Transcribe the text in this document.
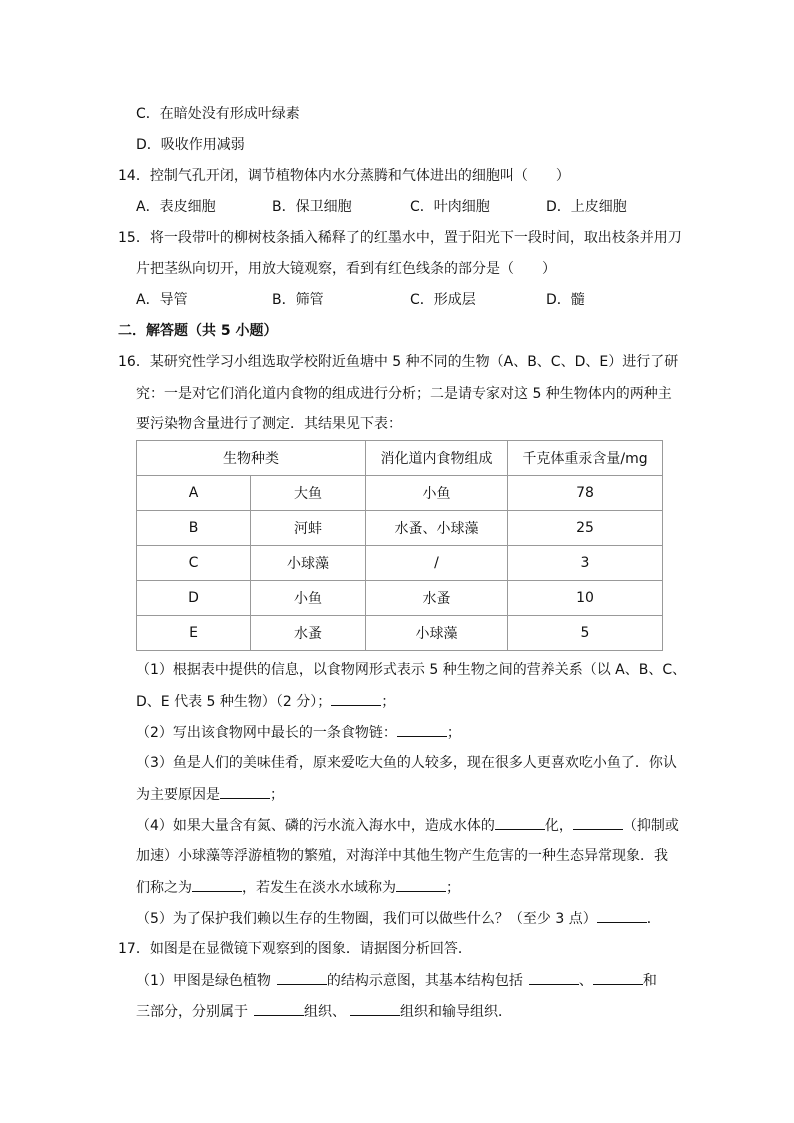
C．在暗处没有形成叶绿素
D．吸收作用减弱
14．控制气孔开闭，调节植物体内水分蒸腾和气体进出的细胞叫（　　）
A．表皮细胞	B．保卫细胞	C．叶肉细胞	D．上皮细胞
15．将一段带叶的柳树枝条插入稀释了的红墨水中，置于阳光下一段时间，取出枝条并用刀
片把茎纵向切开，用放大镜观察，看到有红色线条的部分是（　　）
A．导管	B．筛管	C．形成层	D．髓
二．解答题（共 5 小题）
16．某研究性学习小组选取学校附近鱼塘中 5 种不同的生物（A、B、C、D、E）进行了研
究：一是对它们消化道内食物的组成进行分析；二是请专家对这 5 种生物体内的两种主
生物种类		消化道内食物组成	千克体重汞含量/mg
A	大鱼	小鱼	78
B	河蚌	水蚤、小球藻	25
C	小球藻	/	3
D	小鱼	水蚤	10
E	水蚤	小球藻	5
要污染物含量进行了测定．其结果见下表：
（1）根据表中提供的信息，以食物网形式表示 5 种生物之间的营养关系（以 A、B、C、
D、E 代表 5 种生物）（2 分）；	；
（2）写出该食物网中最长的一条食物链：	；
（3）鱼是人们的美味佳肴，原来爱吃大鱼的人较多，现在很多人更喜欢吃小鱼了．你认
为主要原因是	；
（4）如果大量含有氮、磷的污水流入海水中，造成水体的	化，	（抑制或
加速）小球藻等浮游植物的繁殖，对海洋中其他生物产生危害的一种生态异常现象．我
们称之为	，若发生在淡水水域称为	；
（5）为了保护我们赖以生存的生物圈，我们可以做些什么？（至少 3 点）	．
17．如图是在显微镜下观察到的图象．请据图分析回答．
（1）甲图是绿色植物	的结构示意图，其基本结构包括	、	和
三部分，分别属于	组织、	组织和输导组织．
